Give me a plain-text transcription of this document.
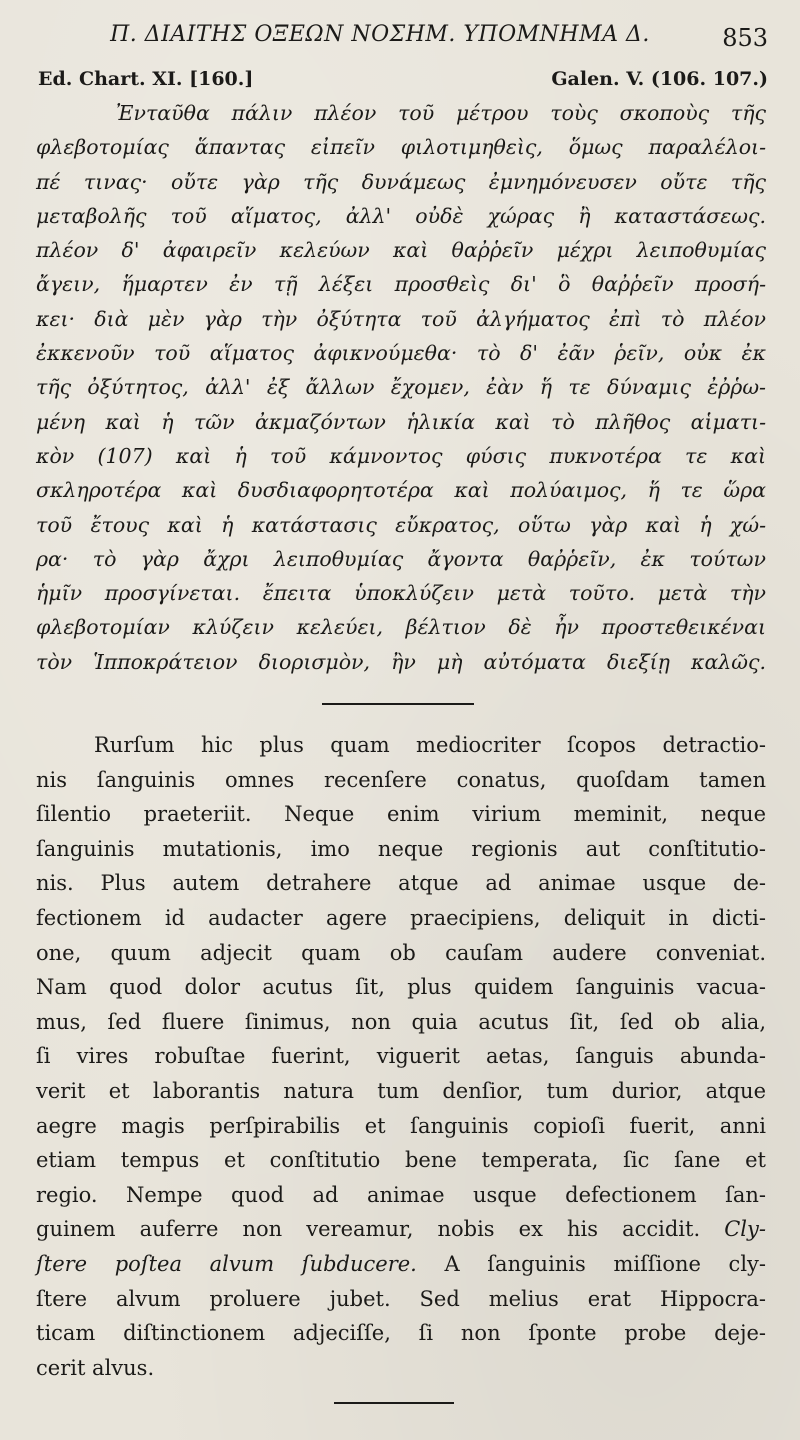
Π. ΔΙΑΙΤΗΣ ΟΞΕΩΝ ΝΟΣΗΜ. ΥΠΟΜΝΗΜΑ Δ.	853
Ed. Chart. XI. [160.]	Galen. V. (106. 107.)
Ἐνταῦθα πάλιν πλέον τοῦ μέτρου τοὺς σκοποὺς τῆς
φλεβοτομίας ἅπαντας εἰπεῖν φιλοτιμηθεὶς, ὅμως παραλέλοι-
πέ τινας· οὔτε γὰρ τῆς δυνάμεως ἐμνημόνευσεν οὔτε τῆς
μεταβολῆς τοῦ αἵματος, ἀλλ' οὐδὲ χώρας ἢ καταστάσεως.
πλέον δ' ἀφαιρεῖν κελεύων καὶ θαῤῥεῖν μέχρι λειποθυμίας
ἄγειν, ἥμαρτεν ἐν τῇ λέξει προσθεὶς δι' ὃ θαῤῥεῖν προσή-
κει· διὰ μὲν γὰρ τὴν ὀξύτητα τοῦ ἀλγήματος ἐπὶ τὸ πλέον
ἐκκενοῦν τοῦ αἵματος ἀφικνούμεθα· τὸ δ' ἐᾶν ῥεῖν, οὐκ ἐκ
τῆς ὀξύτητος, ἀλλ' ἐξ ἄλλων ἔχομεν, ἐὰν ἥ τε δύναμις ἐῤῥω-
μένη καὶ ἡ τῶν ἀκμαζόντων ἡλικία καὶ τὸ πλῆθος αἱματι-
κὸν (107) καὶ ἡ τοῦ κάμνοντος φύσις πυκνοτέρα τε καὶ
σκληροτέρα καὶ δυσδιαφορητοτέρα καὶ πολύαιμος, ἥ τε ὥρα
τοῦ ἔτους καὶ ἡ κατάστασις εὔκρατος, οὕτω γὰρ καὶ ἡ χώ-
ρα· τὸ γὰρ ἄχρι λειποθυμίας ἄγοντα θαῤῥεῖν, ἐκ τούτων
ἡμῖν προσγίνεται. ἔπειτα ὑποκλύζειν μετὰ τοῦτο. μετὰ τὴν
φλεβοτομίαν κλύζειν κελεύει, βέλτιον δὲ ἦν προστεθεικέναι
τὸν Ἱπποκράτειον διορισμὸν, ἢν μὴ αὐτόματα διεξίῃ καλῶς.
Rurſum hic plus quam mediocriter ſcopos detractio-
nis ſanguinis omnes recenſere conatus, quoſdam tamen
ſilentio praeteriit. Neque enim virium meminit, neque
ſanguinis mutationis, imo neque regionis aut conſtitutio-
nis. Plus autem detrahere atque ad animae usque de-
fectionem id audacter agere praecipiens, deliquit in dicti-
one, quum adjecit quam ob cauſam audere conveniat.
Nam quod dolor acutus ſit, plus quidem ſanguinis vacua-
mus, ſed fluere ſinimus, non quia acutus ſit, ſed ob alia,
ſi vires robuſtae fuerint, viguerit aetas, ſanguis abunda-
verit et laborantis natura tum denſior, tum durior, atque
aegre magis perſpirabilis et ſanguinis copioſi fuerit, anni
etiam tempus et conſtitutio bene temperata, ſic ſane et
regio. Nempe quod ad animae usque defectionem ſan-
guinem auferre non vereamur, nobis ex his accidit. Cly-
ſtere poſtea alvum ſubducere. A ſanguinis miſſione cly-
ſtere alvum proluere jubet. Sed melius erat Hippocra-
ticam diſtinctionem adjeciſſe, ſi non ſponte probe deje-
cerit alvus.
